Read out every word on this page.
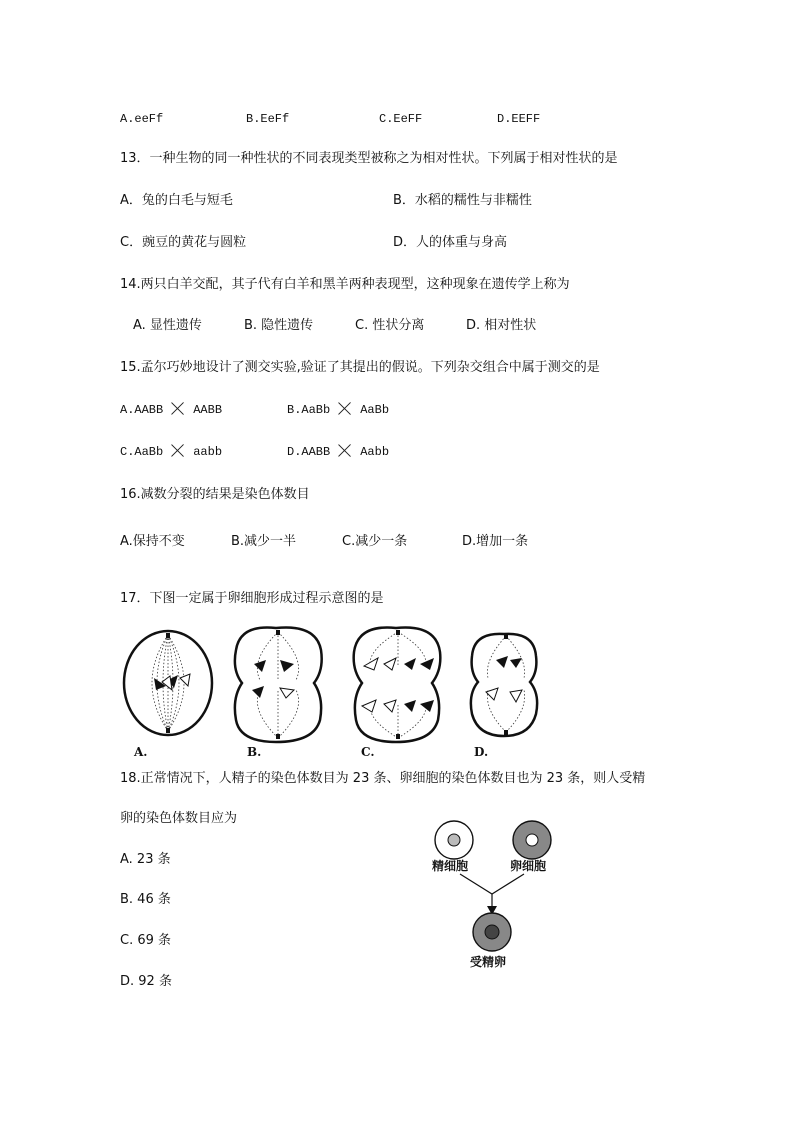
A.eeFf	B.EeFf	C.EeFF	D.EEFF
13．一种生物的同一种性状的不同表现类型被称之为相对性状。下列属于相对性状的是
A．兔的白毛与短毛	B．水稻的糯性与非糯性
C．豌豆的黄花与圆粒	D．人的体重与身高
14.两只白羊交配，其子代有白羊和黑羊两种表现型，这种现象在遗传学上称为
A. 显性遗传	B. 隐性遗传	C. 性状分离	D. 相对性状
15.孟尔巧妙地设计了测交实验,验证了其提出的假说。下列杂交组合中属于测交的是
A.AABB	AABB	B.AaBb	AaBb
C.AaBb	aabb	D.AABB	Aabb
16.减数分裂的结果是染色体数目
A.保持不变	B.减少一半	C.减少一条	D.增加一条
17．下图一定属于卵细胞形成过程示意图的是
A.	B.	C.	D.
18.正常情况下，人精子的染色体数目为 23 条、卵细胞的染色体数目也为 23 条，则人受精
卵的染色体数目应为
A. 23 条
B. 46 条
C. 69 条
D. 92 条
精细胞	卵细胞
受精卵
